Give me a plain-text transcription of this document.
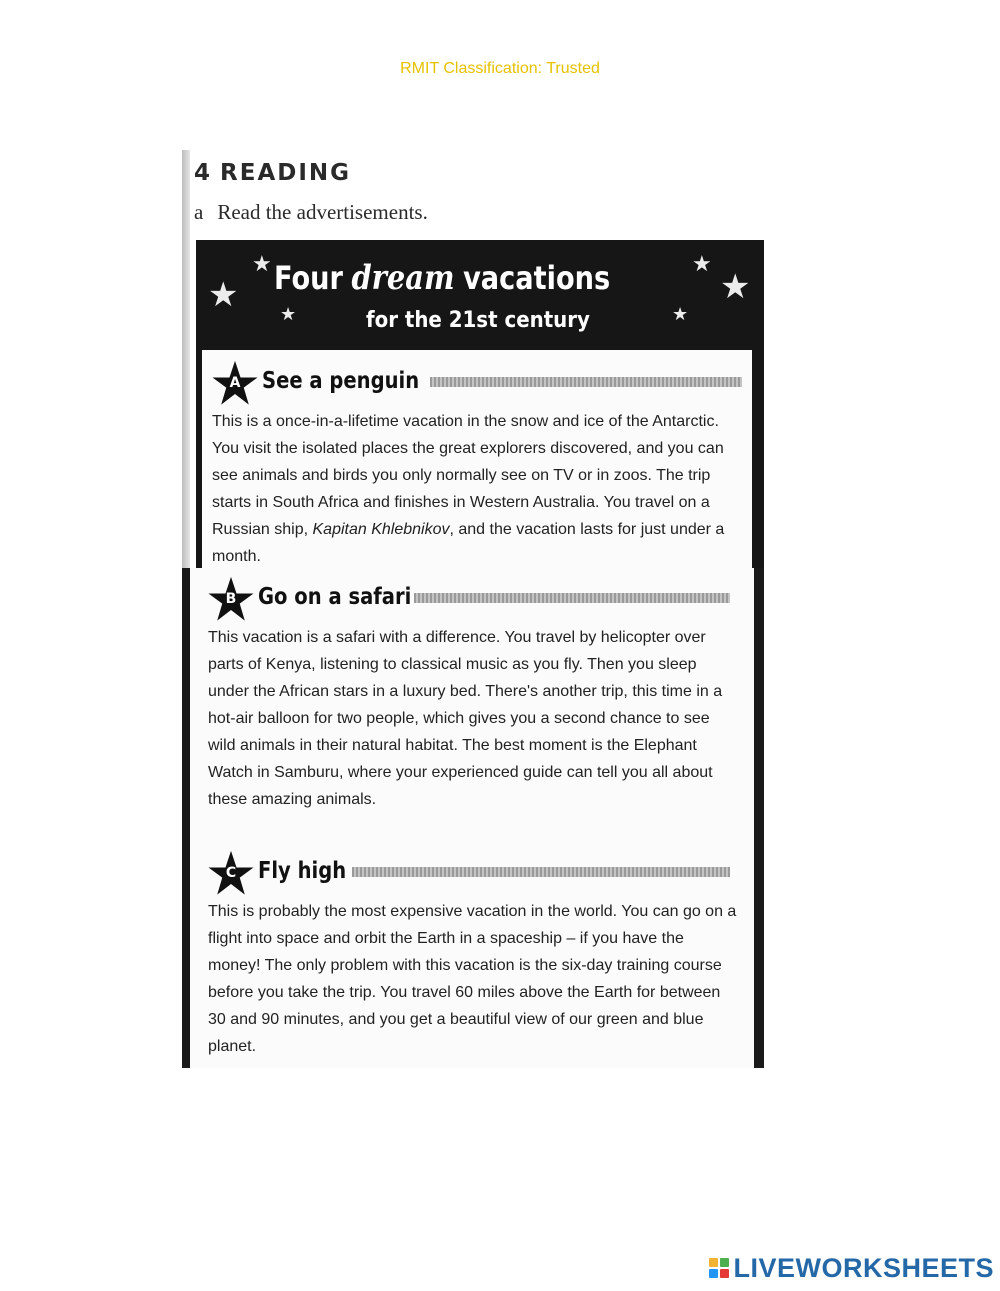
RMIT Classification: Trusted
4 READING
a Read the advertisements.
★
★
★
★
★
★
Four dream vacations
for the 21st century
A See a penguin

This is a once-in-a-lifetime vacation in the snow and ice of the Antarctic. You visit the isolated places the great explorers discovered, and you can see animals and birds you only normally see on TV or in zoos. The trip starts in South Africa and finishes in Western Australia. You travel on a Russian ship, Kapitan Khlebnikov, and the vacation lasts for just under a month.

B Go on a safari
This vacation is a safari with a difference. You travel by helicopter over parts of Kenya, listening to classical music as you fly. Then you sleep under the African stars in a luxury bed. There's another trip, this time in a hot-air balloon for two people, which gives you a second chance to see wild animals in their natural habitat. The best moment is the Elephant Watch in Samburu, where your experienced guide can tell you all about these amazing animals.
C Fly high
This is probably the most expensive vacation in the world. You can go on a flight into space and orbit the Earth in a spaceship – if you have the money! The only problem with this vacation is the six-day training course before you take the trip. You travel 60 miles above the Earth for between 30 and 90 minutes, and you get a beautiful view of our green and blue planet.
LIVEWORKSHEETS
